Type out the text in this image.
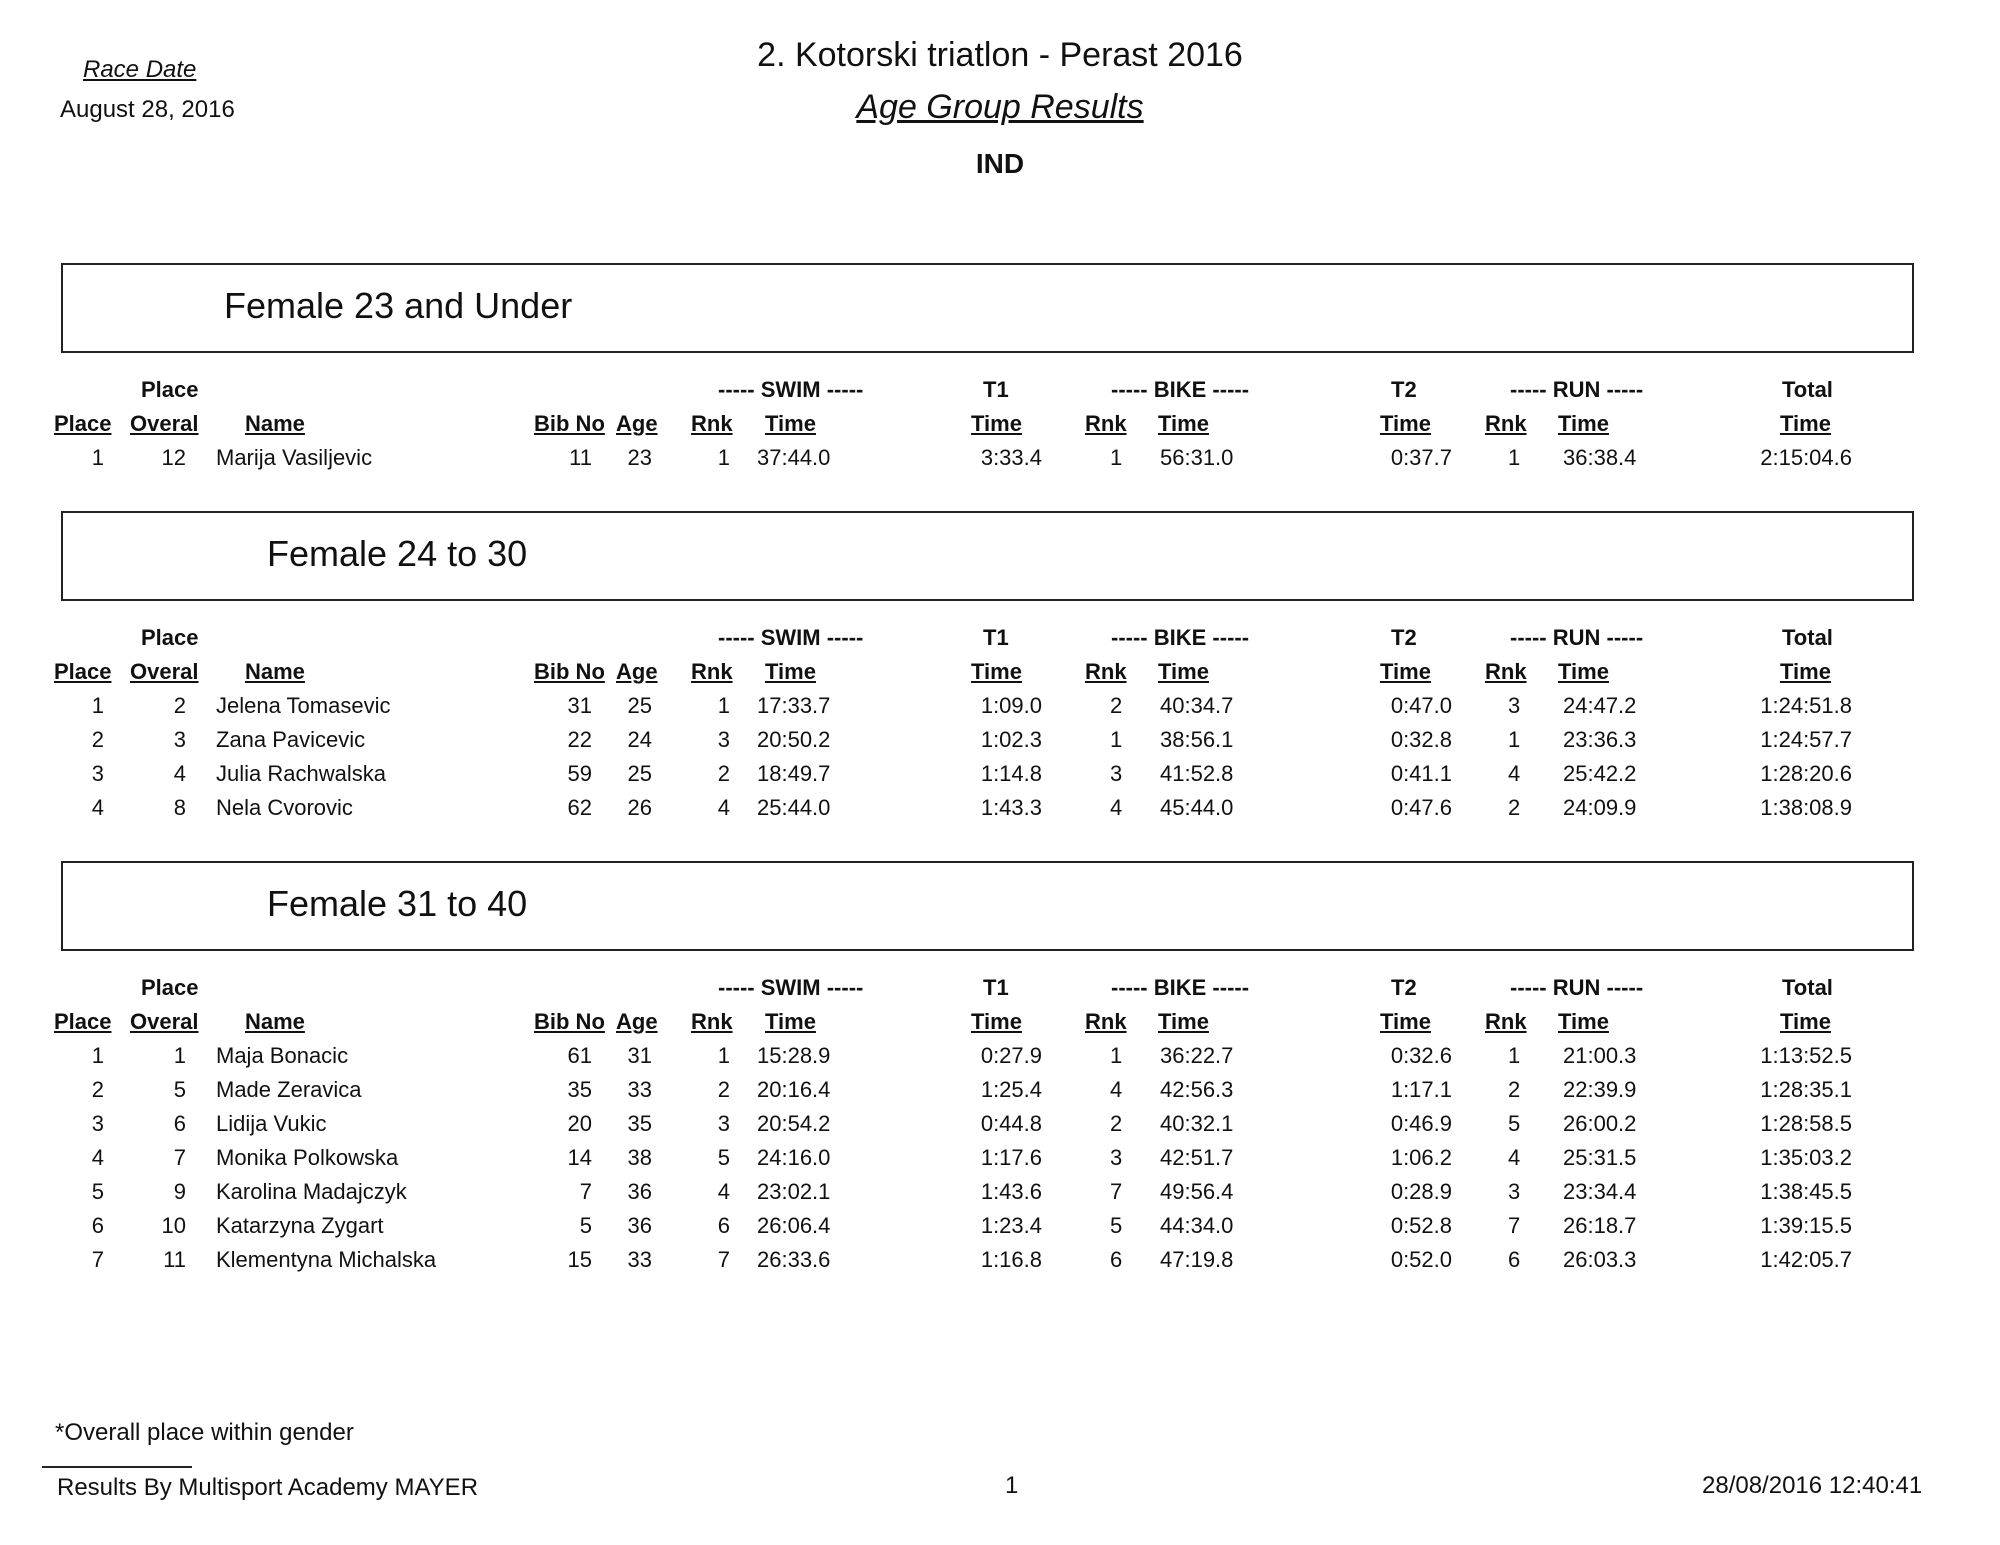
Race Date
August 28, 2016
2. Kotorski triatlon - Perast 2016
Age Group Results
IND
Female 23 and Under
Place	----- SWIM -----	T1	----- BIKE -----	T2	----- RUN -----	Total
Place Overal Name	Bib No Age Rnk Time	Time	Rnk Time	Time Rnk Time	Time
1	12 Marija Vasiljevic	11	23	1 37:44.0	3:33.4	1 56:31.0	0:37.7	1 36:38.4	2:15:04.6
Female 24 to 30
Place	----- SWIM -----	T1	----- BIKE -----	T2	----- RUN -----	Total
Place Overal Name	Bib No Age Rnk Time	Time	Rnk Time	Time Rnk Time	Time
1	2 Jelena Tomasevic	31	25	1 17:33.7	1:09.0	2 40:34.7	0:47.0	3 24:47.2	1:24:51.8
2	3 Zana Pavicevic	22	24	3 20:50.2	1:02.3	1 38:56.1	0:32.8	1 23:36.3	1:24:57.7
3	4 Julia Rachwalska	59	25	2 18:49.7	1:14.8	3 41:52.8	0:41.1	4 25:42.2	1:28:20.6
4	8 Nela Cvorovic	62	26	4 25:44.0	1:43.3	4 45:44.0	0:47.6	2 24:09.9	1:38:08.9
Female 31 to 40
Place	----- SWIM -----	T1	----- BIKE -----	T2	----- RUN -----	Total
Place Overal Name	Bib No Age Rnk Time	Time	Rnk Time	Time Rnk Time	Time
1	1 Maja Bonacic	61	31	1 15:28.9	0:27.9	1 36:22.7	0:32.6	1 21:00.3	1:13:52.5
2	5 Made Zeravica	35	33	2 20:16.4	1:25.4	4 42:56.3	1:17.1	2 22:39.9	1:28:35.1
3	6 Lidija Vukic	20	35	3 20:54.2	0:44.8	2 40:32.1	0:46.9	5 26:00.2	1:28:58.5
4	7 Monika Polkowska	14	38	5 24:16.0	1:17.6	3 42:51.7	1:06.2	4 25:31.5	1:35:03.2
5	9 Karolina Madajczyk	7	36	4 23:02.1	1:43.6	7 49:56.4	0:28.9	3 23:34.4	1:38:45.5
6	10 Katarzyna Zygart	5	36	6 26:06.4	1:23.4	5 44:34.0	0:52.8	7 26:18.7	1:39:15.5
7	11 Klementyna Michalska	15	33	7 26:33.6	1:16.8	6 47:19.8	0:52.0	6 26:03.3	1:42:05.7
*Overall place within gender
Results By Multisport Academy MAYER	1	28/08/2016 12:40:41
